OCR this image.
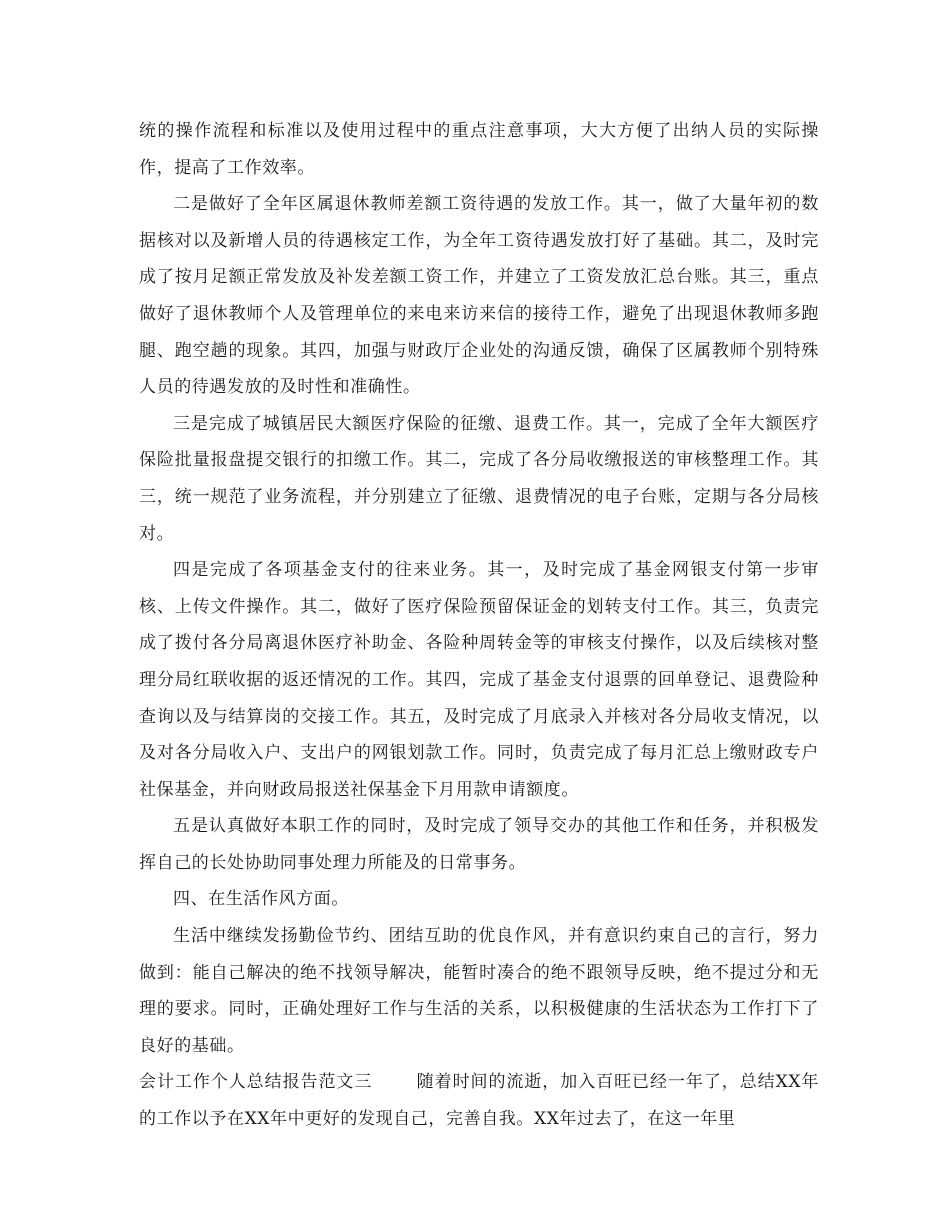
统的操作流程和标准以及使用过程中的重点注意事项，大大方便了出纳人员的实际操作，提高了工作效率。

二是做好了全年区属退休教师差额工资待遇的发放工作。其一，做了大量年初的数据核对以及新增人员的待遇核定工作，为全年工资待遇发放打好了基础。其二，及时完成了按月足额正常发放及补发差额工资工作，并建立了工资发放汇总台账。其三，重点做好了退休教师个人及管理单位的来电来访来信的接待工作，避免了出现退休教师多跑腿、跑空趟的现象。其四，加强与财政厅企业处的沟通反馈，确保了区属教师个别特殊人员的待遇发放的及时性和准确性。

三是完成了城镇居民大额医疗保险的征缴、退费工作。其一，完成了全年大额医疗保险批量报盘提交银行的扣缴工作。其二，完成了各分局收缴报送的审核整理工作。其三，统一规范了业务流程，并分别建立了征缴、退费情况的电子台账，定期与各分局核对。

四是完成了各项基金支付的往来业务。其一，及时完成了基金网银支付第一步审核、上传文件操作。其二，做好了医疗保险预留保证金的划转支付工作。其三，负责完成了拨付各分局离退休医疗补助金、各险种周转金等的审核支付操作，以及后续核对整理分局红联收据的返还情况的工作。其四，完成了基金支付退票的回单登记、退费险种查询以及与结算岗的交接工作。其五，及时完成了月底录入并核对各分局收支情况，以及对各分局收入户、支出户的网银划款工作。同时，负责完成了每月汇总上缴财政专户社保基金，并向财政局报送社保基金下月用款申请额度。

五是认真做好本职工作的同时，及时完成了领导交办的其他工作和任务，并积极发挥自己的长处协助同事处理力所能及的日常事务。

四、在生活作风方面。

生活中继续发扬勤俭节约、团结互助的优良作风，并有意识约束自己的言行，努力做到：能自己解决的绝不找领导解决，能暂时凑合的绝不跟领导反映，绝不提过分和无理的要求。同时，正确处理好工作与生活的关系，以积极健康的生活状态为工作打下了良好的基础。

会计工作个人总结报告范文三	随着时间的流逝，加入百旺已经一年了，总结XX年的工作以予在XX年中更好的发现自己，完善自我。XX年过去了，在这一年里
